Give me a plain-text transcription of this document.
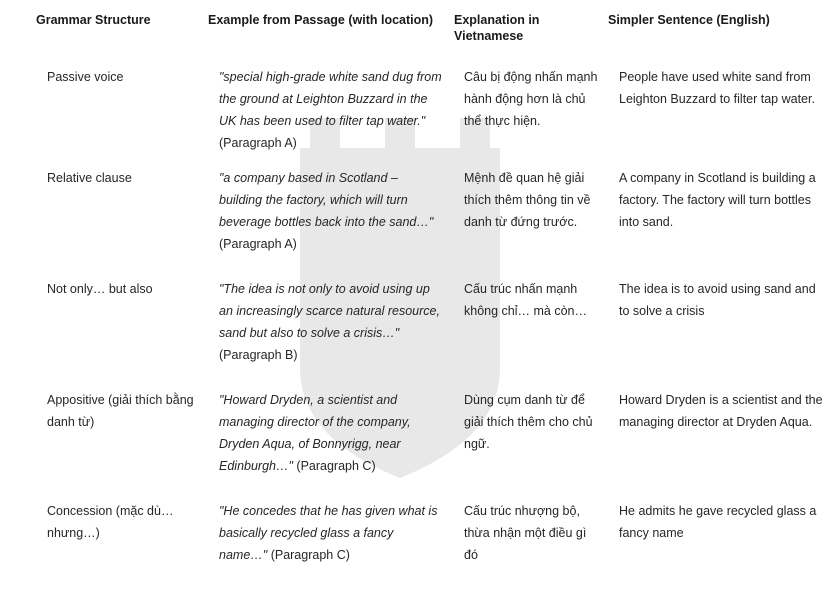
Grammar Structure	Example from Passage (with location)	Explanation in Vietnamese	Simpler Sentence (English)
Passive voice	"special high-grade white sand dug from the ground at Leighton Buzzard in the UK has been used to filter tap water." (Paragraph A)	Câu bị động nhấn mạnh hành động hơn là chủ thể thực hiện.	People have used white sand from Leighton Buzzard to filter tap water.
Relative clause	"a company based in Scotland – building the factory, which will turn beverage bottles back into the sand…" (Paragraph A)	Mệnh đề quan hệ giải thích thêm thông tin về danh từ đứng trước.	A company in Scotland is building a factory. The factory will turn bottles into sand.
Not only… but also	"The idea is not only to avoid using up an increasingly scarce natural resource, sand but also to solve a crisis…" (Paragraph B)	Cấu trúc nhấn mạnh không chỉ… mà còn…	The idea is to avoid using sand and to solve a crisis
Appositive (giải thích bằng danh từ)	"Howard Dryden, a scientist and managing director of the company, Dryden Aqua, of Bonnyrigg, near Edinburgh…" (Paragraph C)	Dùng cụm danh từ để giải thích thêm cho chủ ngữ.	Howard Dryden is a scientist and the managing director at Dryden Aqua.
Concession (mặc dù… nhưng…)	"He concedes that he has given what is basically recycled glass a fancy name…" (Paragraph C)	Cấu trúc nhượng bộ, thừa nhận một điều gì đó	He admits he gave recycled glass a fancy name
